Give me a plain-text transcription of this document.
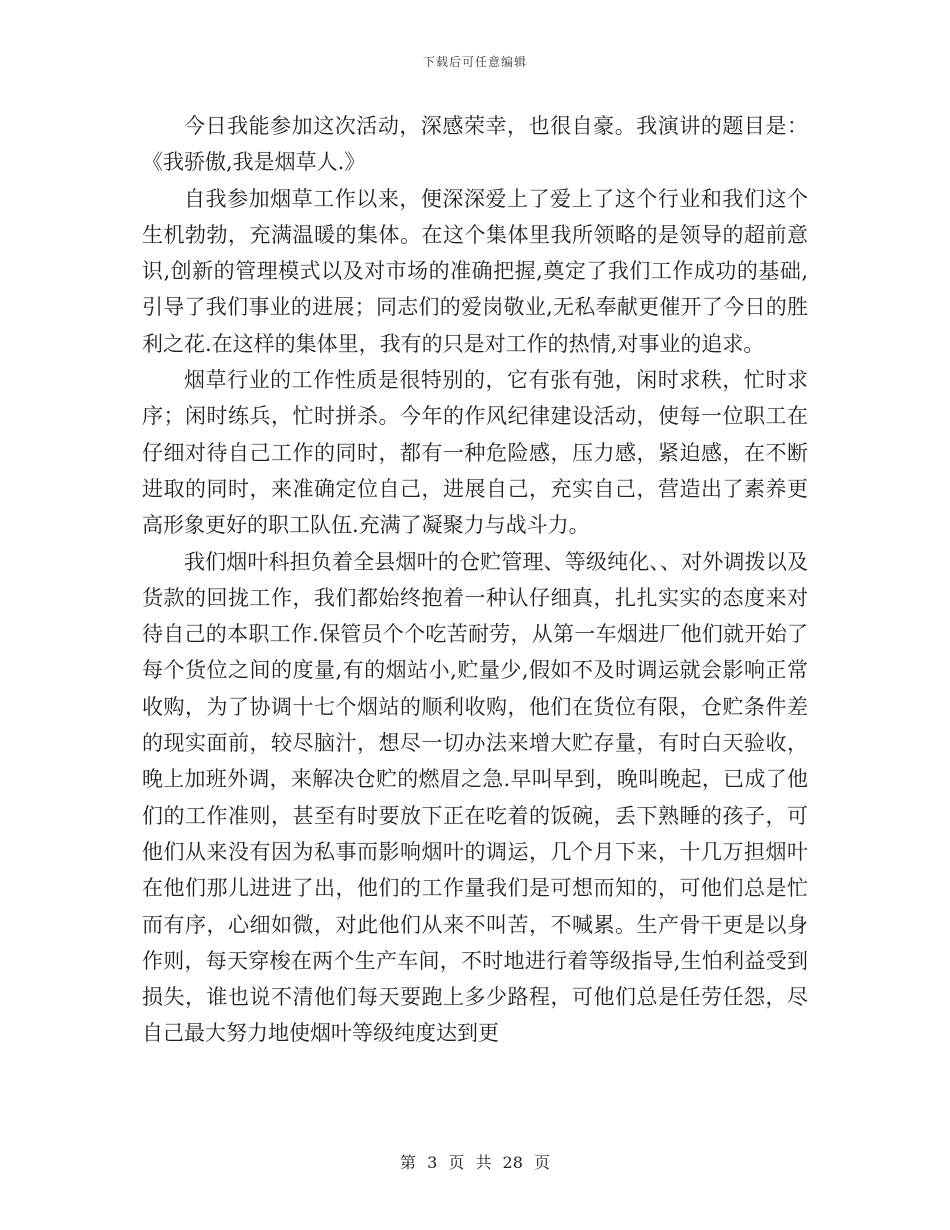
下载后可任意编辑

今日我能参加这次活动，深感荣幸，也很自豪。我演讲的题目是：《我骄傲,我是烟草人.》

自我参加烟草工作以来，便深深爱上了爱上了这个行业和我们这个生机勃勃，充满温暖的集体。在这个集体里我所领略的是领导的超前意识,创新的管理模式以及对市场的准确把握,奠定了我们工作成功的基础,引导了我们事业的进展；同志们的爱岗敬业,无私奉献更催开了今日的胜利之花.在这样的集体里，我有的只是对工作的热情,对事业的追求。

烟草行业的工作性质是很特别的，它有张有弛，闲时求秩，忙时求序；闲时练兵，忙时拼杀。今年的作风纪律建设活动，使每一位职工在仔细对待自己工作的同时，都有一种危险感，压力感，紧迫感，在不断进取的同时，来准确定位自己，进展自己，充实自己，营造出了素养更高形象更好的职工队伍.充满了凝聚力与战斗力。

我们烟叶科担负着全县烟叶的仓贮管理、等级纯化、、对外调拨以及货款的回拢工作，我们都始终抱着一种认仔细真，扎扎实实的态度来对待自己的本职工作.保管员个个吃苦耐劳，从第一车烟进厂他们就开始了每个货位之间的度量,有的烟站小,贮量少,假如不及时调运就会影响正常收购，为了协调十七个烟站的顺利收购，他们在货位有限，仓贮条件差的现实面前，较尽脑汁，想尽一切办法来增大贮存量，有时白天验收，晚上加班外调，来解决仓贮的燃眉之急.早叫早到，晚叫晚起，已成了他们的工作准则，甚至有时要放下正在吃着的饭碗，丢下熟睡的孩子，可他们从来没有因为私事而影响烟叶的调运，几个月下来，十几万担烟叶在他们那儿进进了出，他们的工作量我们是可想而知的，可他们总是忙而有序，心细如微，对此他们从来不叫苦，不喊累。生产骨干更是以身作则，每天穿梭在两个生产车间，不时地进行着等级指导,生怕利益受到损失，谁也说不清他们每天要跑上多少路程，可他们总是任劳任怨，尽自己最大努力地使烟叶等级纯度达到更

第 3 页 共 28 页
